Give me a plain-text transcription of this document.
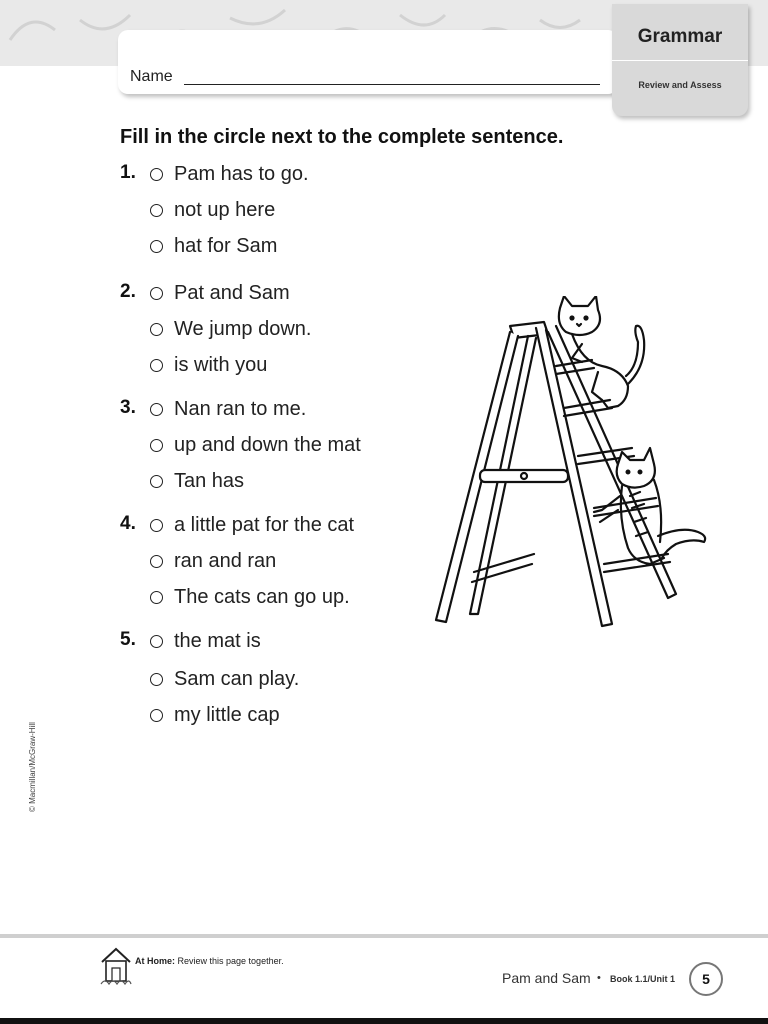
Name
Grammar
Review and Assess
Fill in the circle next to the complete sentence.
1. Pam has to go.
not up here
hat for Sam
2. Pat and Sam
We jump down.
is with you
3. Nan ran to me.
up and down the mat
Tan has
4. a little pat for the cat
ran and ran
The cats can go up.
5. the mat is
Sam can play.
my little cap
© Macmillan/McGraw-Hill
At Home: Review this page together.
Pam and Sam • Book 1.1/Unit 1	5
